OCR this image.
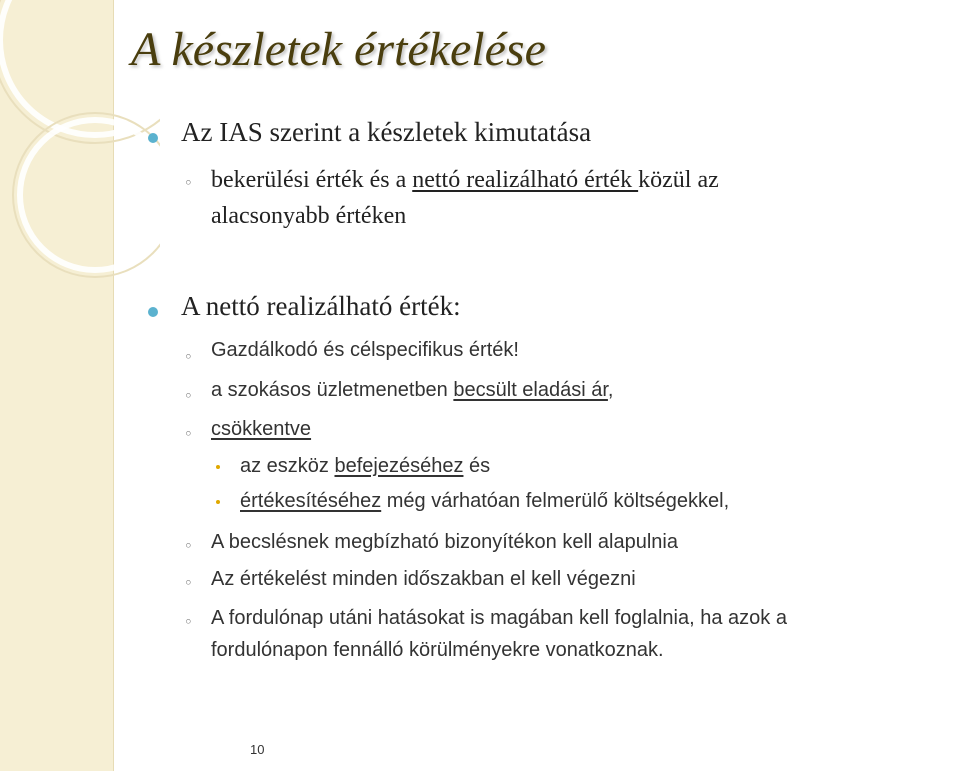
A készletek értékelése
Az IAS szerint a készletek kimutatása
◦ bekerülési érték és a nettó realizálható érték közül az
alacsonyabb értéken
A nettó realizálható érték:
◦ Gazdálkodó és célspecifikus érték!
◦ a szokásos üzletmenetben becsült eladási ár,
◦ csökkentve
az eszköz befejezéséhez és
értékesítéséhez még várhatóan felmerülő költségekkel,
◦ A becslésnek megbízható bizonyítékon kell alapulnia
◦ Az értékelést minden időszakban el kell végezni
◦ A fordulónap utáni hatásokat is magában kell foglalnia, ha azok a
fordulónapon fennálló körülményekre vonatkoznak.
10
